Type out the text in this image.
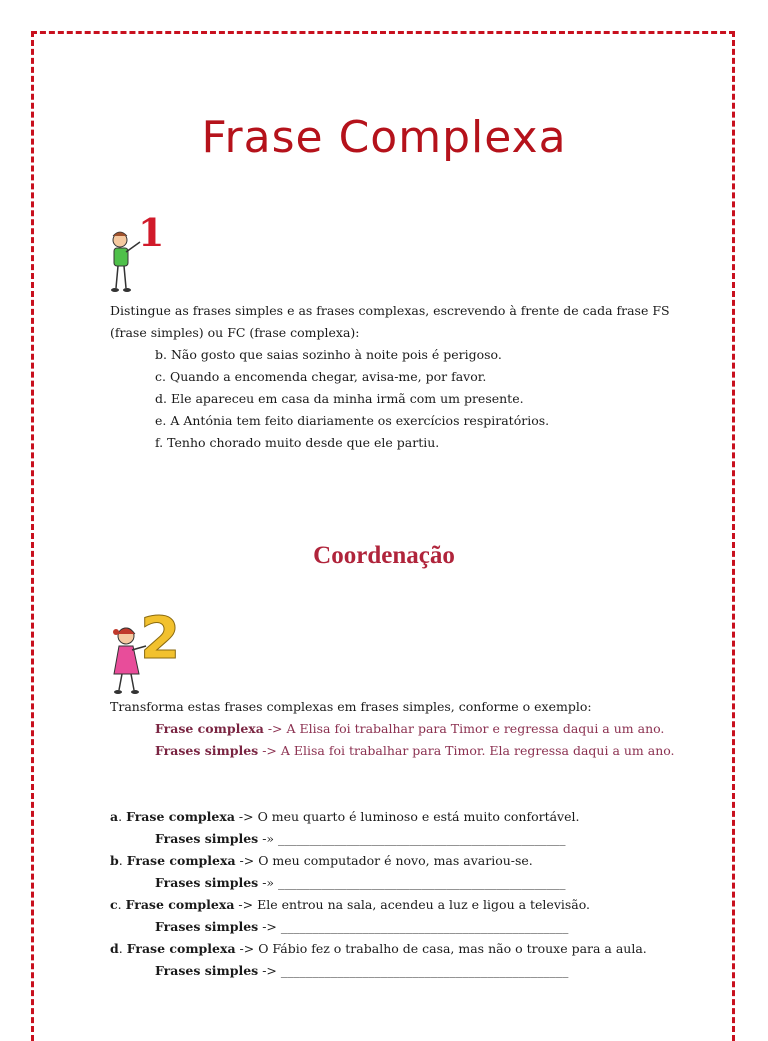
Frase Complexa
1
Distingue as frases simples e as frases complexas, escrevendo à frente de cada frase FS (frase simples) ou FC (frase complexa):
b. Não gosto que saias sozinho à noite pois é perigoso.
c. Quando a encomenda chegar, avisa-me, por favor.
d. Ele apareceu em casa da minha irmã com um presente.
e. A Antónia tem feito diariamente os exercícios respiratórios.
f. Tenho chorado muito desde que ele partiu.
Coordenação
2
Transforma estas frases complexas em frases simples, conforme o exemplo:
Frase complexa -> A Elisa foi trabalhar para Timor e regressa daqui a um ano.
Frases simples -> A Elisa foi trabalhar para Timor. Ela regressa daqui a um ano.
a. Frase complexa -> O meu quarto é luminoso e está muito confortável.
Frases simples -» ______________________________________________
b. Frase complexa -> O meu computador é novo, mas avariou-se.
Frases simples -» ______________________________________________
c. Frase complexa -> Ele entrou na sala, acendeu a luz e ligou a televisão.
Frases simples -> ______________________________________________
d. Frase complexa -> O Fábio fez o trabalho de casa, mas não o trouxe para a aula.
Frases simples -> ______________________________________________
